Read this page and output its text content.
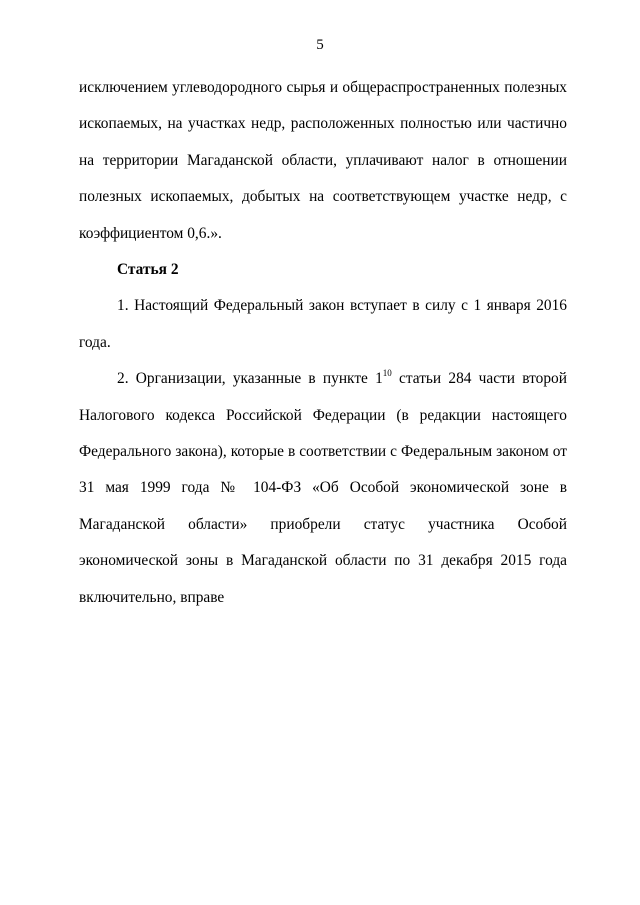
5

исключением углеводородного сырья и общераспространенных полезных ископаемых, на участках недр, расположенных полностью или частично на территории Магаданской области, уплачивают налог в отношении полезных ископаемых, добытых на соответствующем участке недр, с коэффициентом 0,6.».

Статья 2

1. Настоящий Федеральный закон вступает в силу с 1 января 2016 года.

2. Организации, указанные в пункте $1^{10}$ статьи 284 части второй Налогового кодекса Российской Федерации (в редакции настоящего Федерального закона), которые в соответствии с Федеральным законом от 31 мая 1999 года № 104-ФЗ «Об Особой экономической зоне в Магаданской области» приобрели статус участника Особой экономической зоны в Магаданской области по 31 декабря 2015 года включительно, вправе
